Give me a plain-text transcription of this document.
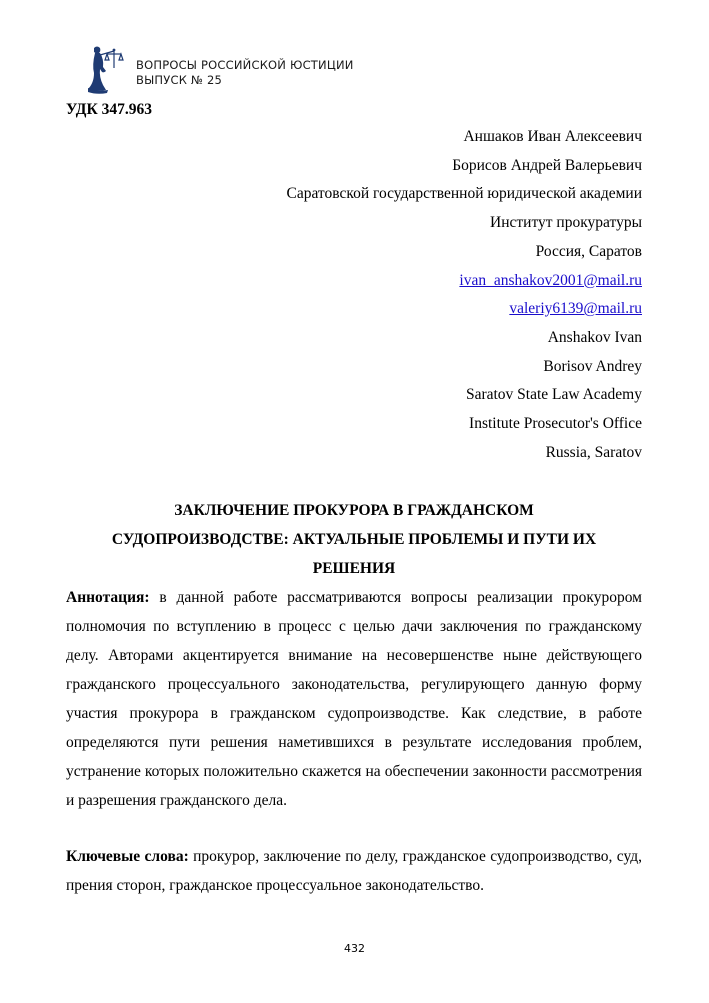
ВОПРОСЫ РОССИЙСКОЙ ЮСТИЦИИ
ВЫПУСК № 25
УДК 347.963
Аншаков Иван Алексеевич
Борисов Андрей Валерьевич
Саратовской государственной юридической академии
Институт прокуратуры
Россия, Саратов
ivan_anshakov2001@mail.ru
valeriy6139@mail.ru
Anshakov Ivan
Borisov Andrey
Saratov State Law Academy
Institute Prosecutor's Office
Russia, Saratov
ЗАКЛЮЧЕНИЕ ПРОКУРОРА В ГРАЖДАНСКОМ
СУДОПРОИЗВОДСТВЕ: АКТУАЛЬНЫЕ ПРОБЛЕМЫ И ПУТИ ИХ
РЕШЕНИЯ
Аннотация: в данной работе рассматриваются вопросы реализации прокурором полномочия по вступлению в процесс с целью дачи заключения по гражданскому делу. Авторами акцентируется внимание на несовершенстве ныне действующего гражданского процессуального законодательства, регулирующего данную форму участия прокурора в гражданском судопроизводстве. Как следствие, в работе определяются пути решения наметившихся в результате исследования проблем, устранение которых положительно скажется на обеспечении законности рассмотрения и разрешения гражданского дела.
Ключевые слова: прокурор, заключение по делу, гражданское судопроизводство, суд, прения сторон, гражданское процессуальное законодательство.
432
